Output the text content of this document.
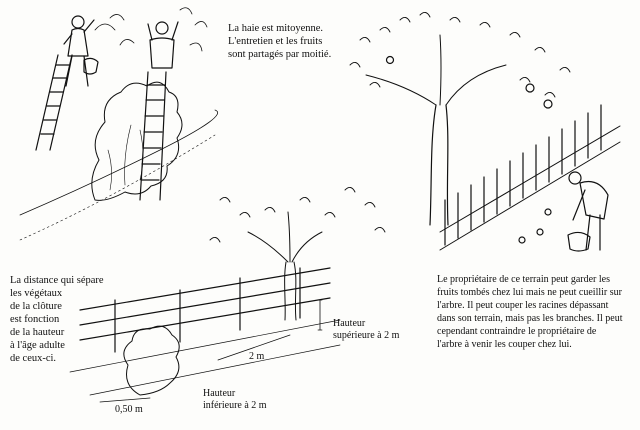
La haie est mitoyenne.
L'entretien et les fruits
sont partagés par moitié.

La distance qui sépare
les végétaux
de la clôture
est fonction
de la hauteur
à l'âge adulte
de ceux-ci.

Le propriétaire de ce terrain peut garder les
fruits tombés chez lui mais ne peut cueillir sur
l'arbre. Il peut couper les racines dépassant
dans son terrain, mais pas les branches. Il peut
cependant contraindre le propriétaire de
l'arbre à venir les couper chez lui.

Hauteur
supérieure à 2 m
Hauteur
inférieure à 2 m
2 m
0,50 m
